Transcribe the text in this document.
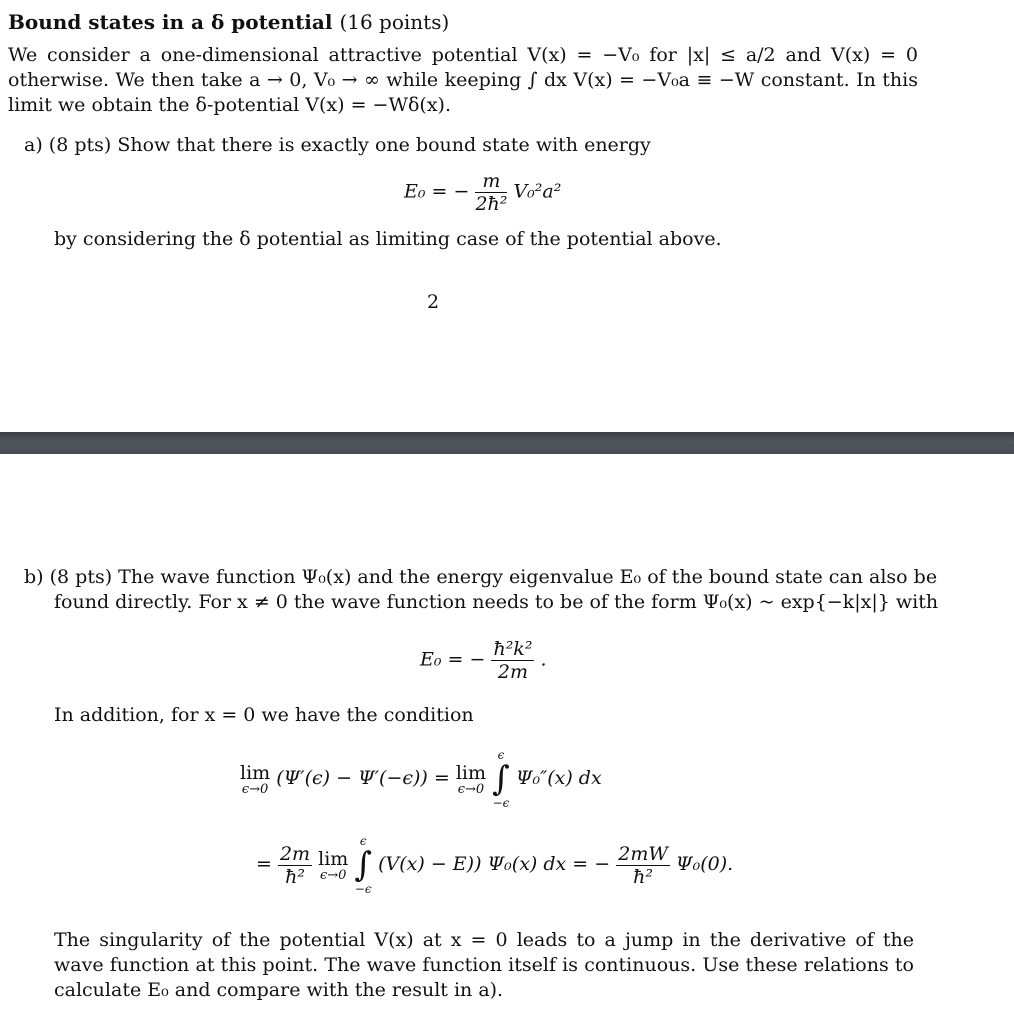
Bound states in a δ potential (16 points)
We consider a one-dimensional attractive potential V(x) = −V₀ for |x| ≤ a/2 and V(x) = 0 otherwise. We then take a → 0, V₀ → ∞ while keeping ∫ dx V(x) = −V₀a ≡ −W constant. In this limit we obtain the δ-potential V(x) = −Wδ(x).
a) (8 pts) Show that there is exactly one bound state with energy
E₀ = − $\frac{m}{\text{2ħ²}} V_0^2a^2$
by considering the δ potential as limiting case of the potential above.
2
b) (8 pts) The wave function Ψ₀(x) and the energy eigenvalue E₀ of the bound state can also be
found directly. For x ≠ 0 the wave function needs to be of the form Ψ₀(x) ~ exp{−k|x|} with
E₀ = − $\frac{\text{ħ²k²}}{2m}$ .
In addition, for x = 0 we have the condition
lim
ϵ→0
(Ψ′(ϵ) − Ψ′(−ϵ)) = lim
ϵ→0

ϵ
∫
−ϵ
Ψ₀″(x) dx
= $\frac{2m}{\text{ħ²}}$ lim
ϵ→0

ϵ
∫
−ϵ
(V(x) − E)) Ψ₀(x) dx = − $\frac{2mW}{\text{ħ²}} \Psi_0(0)$.
The singularity of the potential V(x) at x = 0 leads to a jump in the derivative of the wave function at this point. The wave function itself is continuous. Use these relations to calculate E₀ and compare with the result in a).
